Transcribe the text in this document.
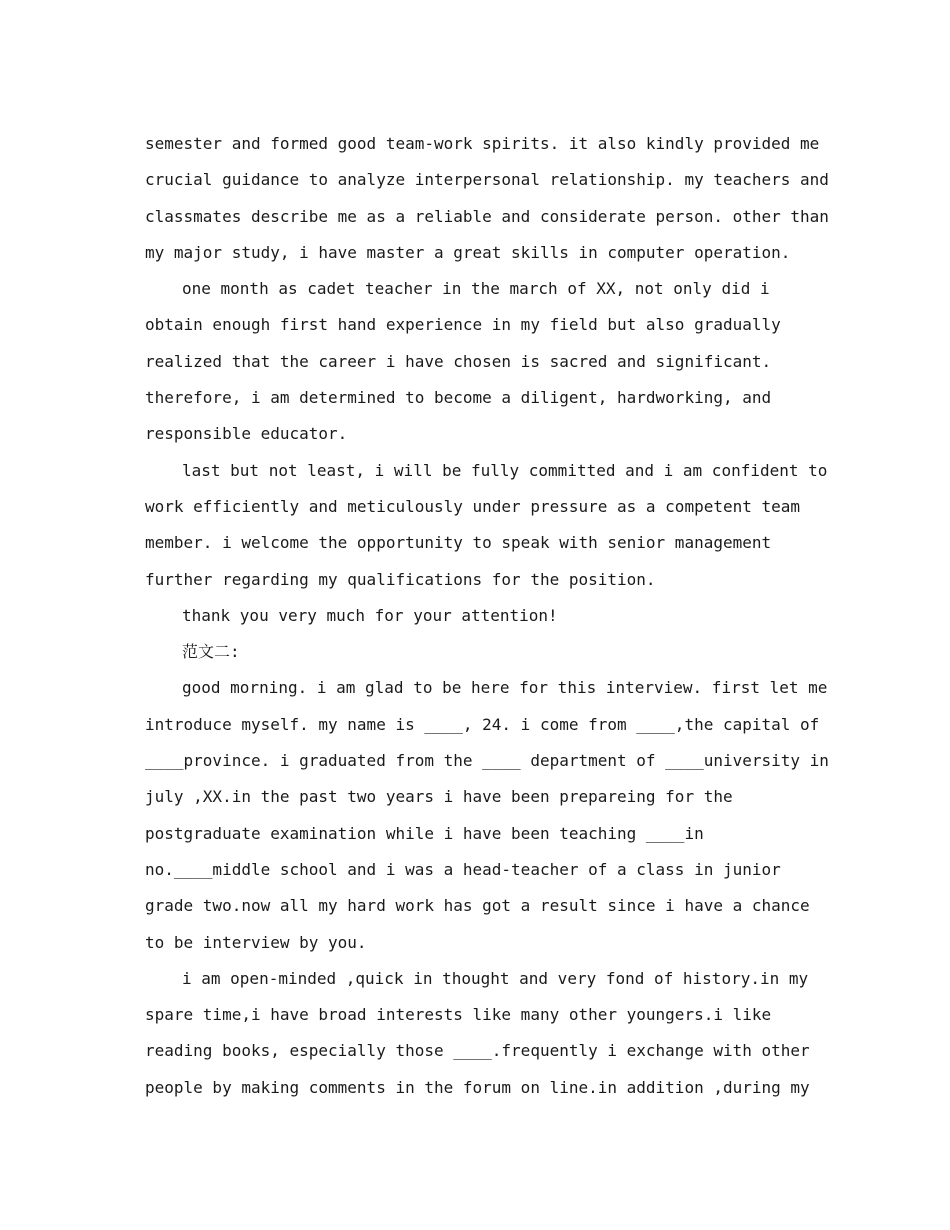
semester and formed good team-work spirits. it also kindly provided me
crucial guidance to analyze interpersonal relationship. my teachers and
classmates describe me as a reliable and considerate person. other than
my major study, i have master a great skills in computer operation.

one month as cadet teacher in the march of XX, not only did i
obtain enough first hand experience in my field but also gradually
realized that the career i have chosen is sacred and significant.
therefore, i am determined to become a diligent, hardworking, and
responsible educator.

last but not least, i will be fully committed and i am confident to
work efficiently and meticulously under pressure as a competent team
member. i welcome the opportunity to speak with senior management
further regarding my qualifications for the position.

thank you very much for your attention!

范文二:

good morning. i am glad to be here for this interview. first let me
introduce myself. my name is ____, 24. i come from ____,the capital of
____province. i graduated from the ____ department of ____university in
july ,XX.in the past two years i have been prepareing for the
postgraduate examination while i have been teaching ____in
no.____middle school and i was a head-teacher of a class in junior
grade two.now all my hard work has got a result since i have a chance
to be interview by you.

i am open-minded ,quick in thought and very fond of history.in my
spare time,i have broad interests like many other youngers.i like
reading books, especially those ____.frequently i exchange with other
people by making comments in the forum on line.in addition ,during my
